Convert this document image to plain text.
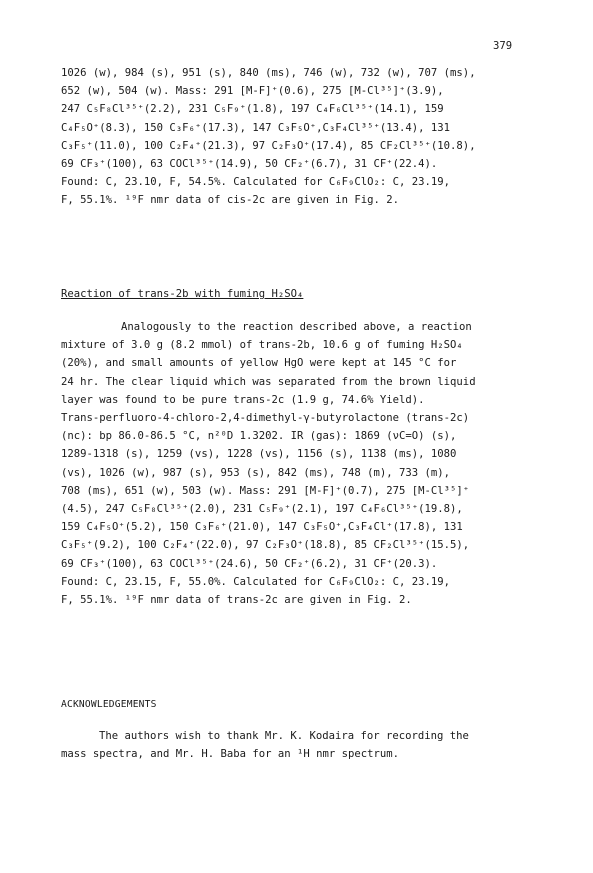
379
1026 (w), 984 (s), 951 (s), 840 (ms), 746 (w), 732 (w), 707 (ms),
652 (w), 504 (w). Mass: 291 [M-F]⁺(0.6), 275 [M-Cl³⁵]⁺(3.9),
247 C₅F₈Cl³⁵⁺(2.2), 231 C₅F₉⁺(1.8), 197 C₄F₆Cl³⁵⁺(14.1), 159
C₄F₅O⁺(8.3), 150 C₃F₆⁺(17.3), 147 C₃F₅O⁺,C₃F₄Cl³⁵⁺(13.4), 131
C₃F₅⁺(11.0), 100 C₂F₄⁺(21.3), 97 C₂F₃O⁺(17.4), 85 CF₂Cl³⁵⁺(10.8),
69 CF₃⁺(100), 63 COCl³⁵⁺(14.9), 50 CF₂⁺(6.7), 31 CF⁺(22.4).
Found: C, 23.10, F, 54.5%. Calculated for C₆F₉ClO₂: C, 23.19,
F, 55.1%. ¹⁹F nmr data of cis-2c are given in Fig. 2.
Reaction of trans-2b with fuming H₂SO₄
Analogously to the reaction described above, a reaction
mixture of 3.0 g (8.2 mmol) of trans-2b, 10.6 g of fuming H₂SO₄
(20%), and small amounts of yellow HgO were kept at 145 °C for
24 hr. The clear liquid which was separated from the brown liquid
layer was found to be pure trans-2c (1.9 g, 74.6% Yield).
Trans-perfluoro-4-chloro-2,4-dimethyl-γ-butyrolactone (trans-2c)
(nc): bp 86.0-86.5 °C, n²⁰D 1.3202. IR (gas): 1869 (νC=O) (s),
1289-1318 (s), 1259 (vs), 1228 (vs), 1156 (s), 1138 (ms), 1080
(vs), 1026 (w), 987 (s), 953 (s), 842 (ms), 748 (m), 733 (m),
708 (ms), 651 (w), 503 (w). Mass: 291 [M-F]⁺(0.7), 275 [M-Cl³⁵]⁺
(4.5), 247 C₅F₈Cl³⁵⁺(2.0), 231 C₅F₉⁺(2.1), 197 C₄F₆Cl³⁵⁺(19.8),
159 C₄F₅O⁺(5.2), 150 C₃F₆⁺(21.0), 147 C₃F₅O⁺,C₃F₄Cl⁺(17.8), 131
C₃F₅⁺(9.2), 100 C₂F₄⁺(22.0), 97 C₂F₃O⁺(18.8), 85 CF₂Cl³⁵⁺(15.5),
69 CF₃⁺(100), 63 COCl³⁵⁺(24.6), 50 CF₂⁺(6.2), 31 CF⁺(20.3).
Found: C, 23.15, F, 55.0%. Calculated for C₆F₉ClO₂: C, 23.19,
F, 55.1%. ¹⁹F nmr data of trans-2c are given in Fig. 2.
ACKNOWLEDGEMENTS
The authors wish to thank Mr. K. Kodaira for recording the
mass spectra, and Mr. H. Baba for an ¹H nmr spectrum.
